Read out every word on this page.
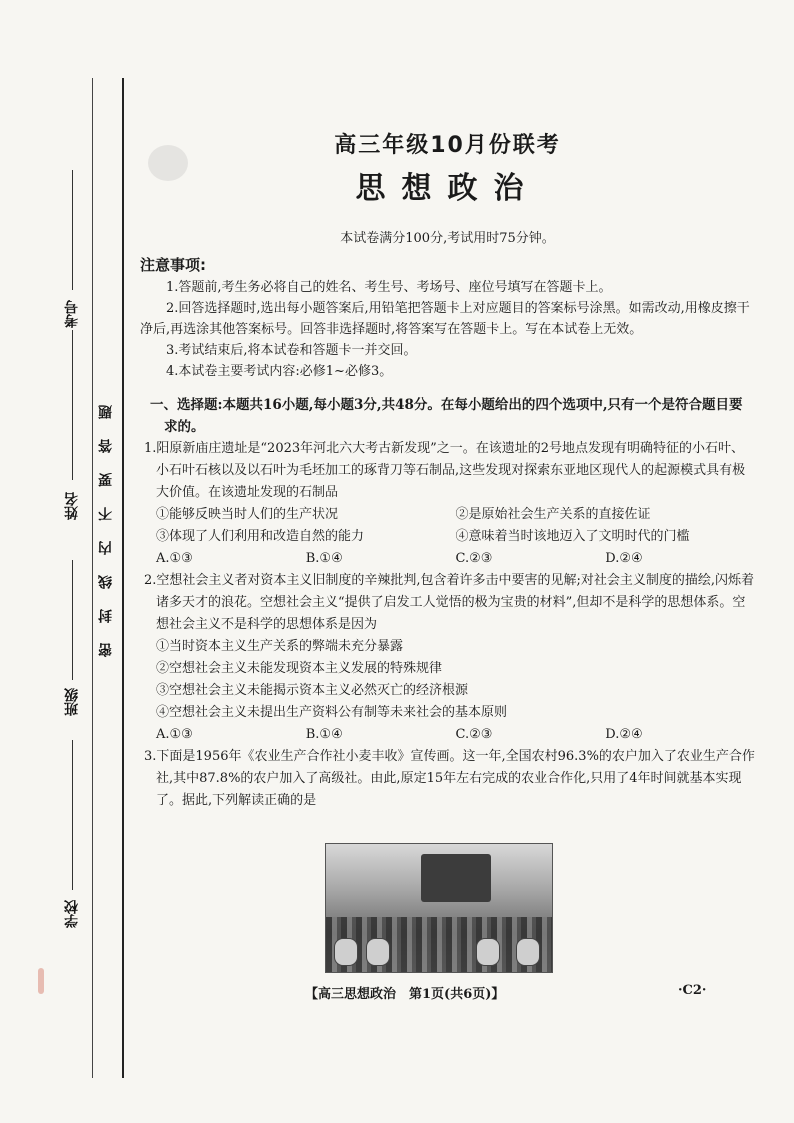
考号
姓名
班级
学校
密封线内不要答题

高三年级10月份联考

思想政治

本试卷满分100分,考试用时75分钟。
注意事项:

1.答题前,考生务必将自己的姓名、考生号、考场号、座位号填写在答题卡上。

2.回答选择题时,选出每小题答案后,用铅笔把答题卡上对应题目的答案标号涂黑。如需改动,用橡皮擦干净后,再选涂其他答案标号。回答非选择题时,将答案写在答题卡上。写在本试卷上无效。

3.考试结束后,将本试卷和答题卡一并交回。

4.本试卷主要考试内容:必修1~必修3。

一、选择题:本题共16小题,每小题3分,共48分。在每小题给出的四个选项中,只有一个是符合题目要求的。

1.阳原新庙庄遗址是“2023年河北六大考古新发现”之一。在该遗址的2号地点发现有明确特征的小石叶、小石叶石核以及以石叶为毛坯加工的琢背刀等石制品,这些发现对探索东亚地区现代人的起源模式具有极大价值。在该遗址发现的石制品

①能够反映当时人们的生产状况	②是原始社会生产关系的直接佐证
③体现了人们利用和改造自然的能力	④意味着当时该地迈入了文明时代的门槛
A.①③	B.①④	C.②③	D.②④

2.空想社会主义者对资本主义旧制度的辛辣批判,包含着许多击中要害的见解;对社会主义制度的描绘,闪烁着诸多天才的浪花。空想社会主义“提供了启发工人觉悟的极为宝贵的材料”,但却不是科学的思想体系。空想社会主义不是科学的思想体系是因为

①当时资本主义生产关系的弊端未充分暴露

②空想社会主义未能发现资本主义发展的特殊规律

③空想社会主义未能揭示资本主义必然灭亡的经济根源

④空想社会主义未提出生产资料公有制等未来社会的基本原则

A.①③	B.①④	C.②③	D.②④

3.下面是1956年《农业生产合作社小麦丰收》宣传画。这一年,全国农村96.3%的农户加入了农业生产合作社,其中87.8%的农户加入了高级社。由此,原定15年左右完成的农业合作化,只用了4年时间就基本实现了。据此,下列解读正确的是

【高三思想政治　第1页(共6页)】	·C2·
